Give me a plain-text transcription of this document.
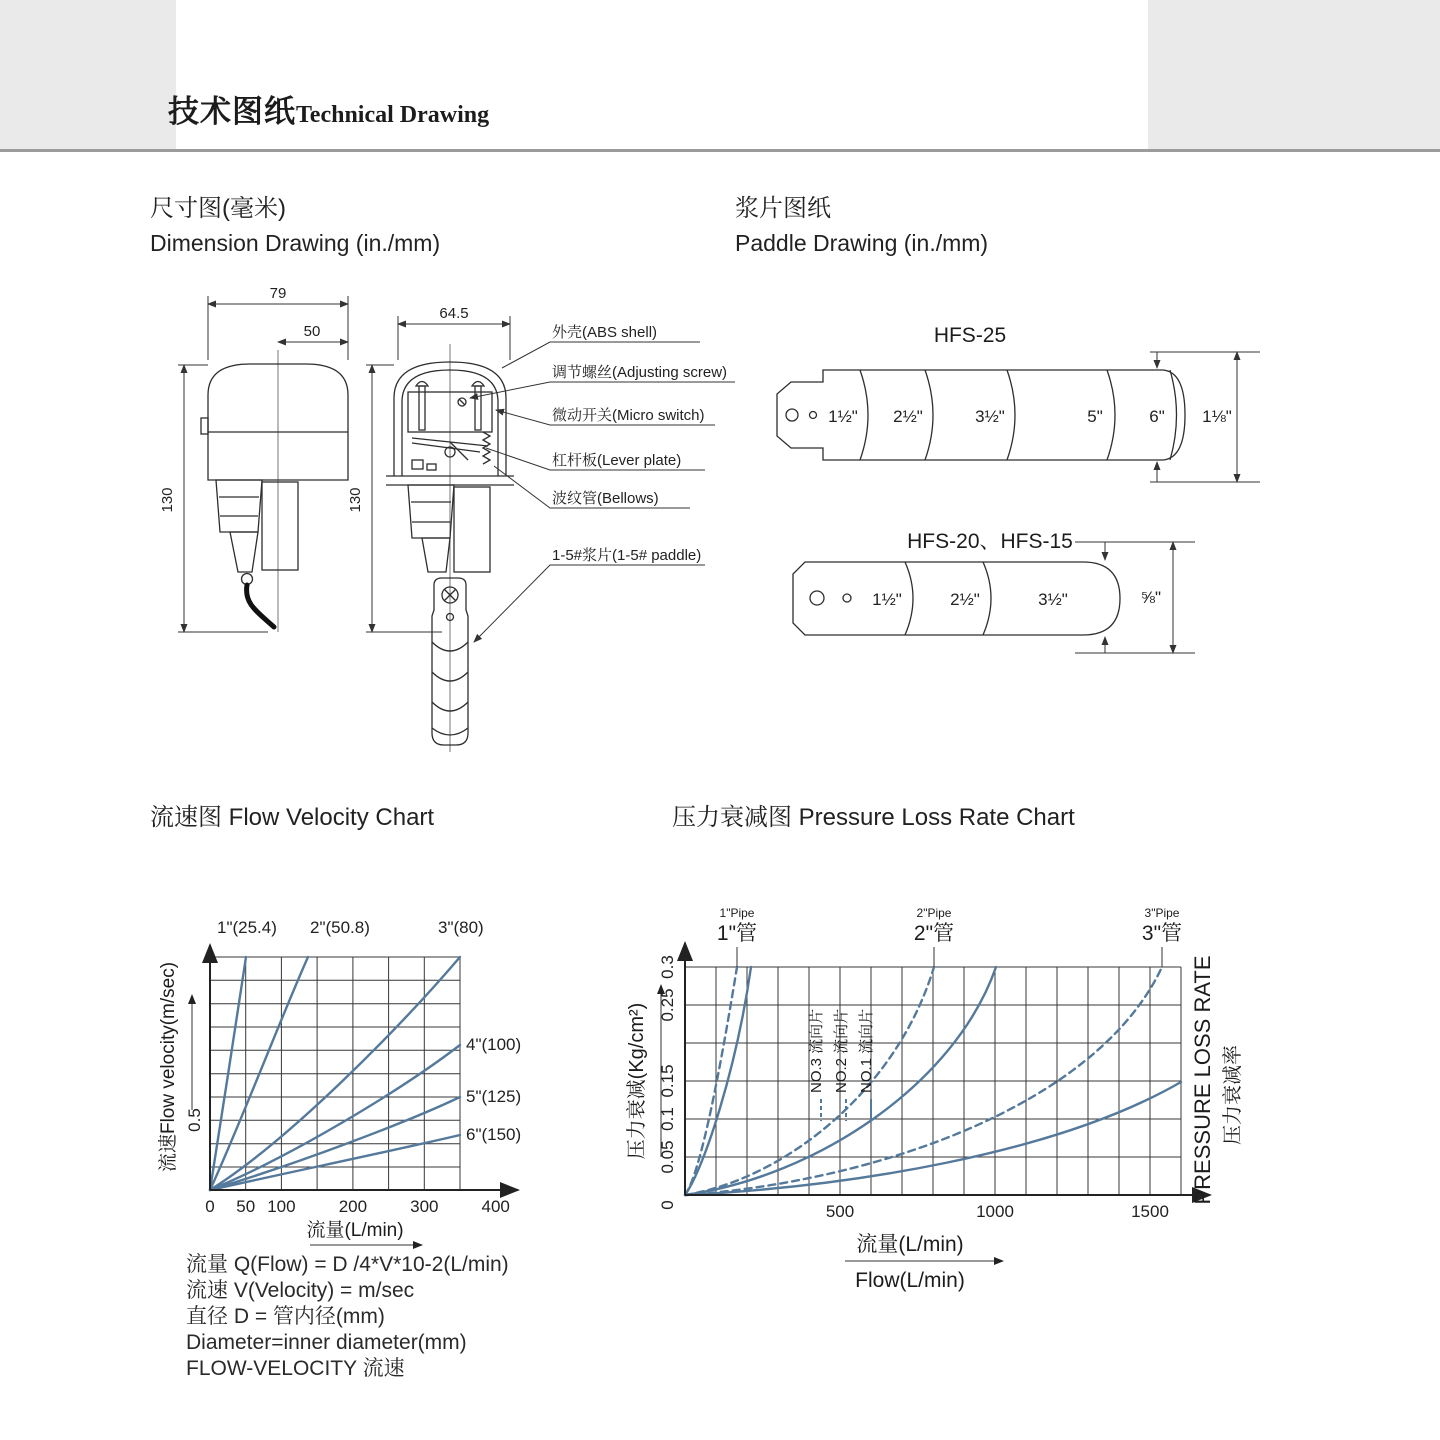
技术图纸Technical Drawing
尺寸图(毫米)
Dimension Drawing (in./mm)
浆片图纸
Paddle Drawing (in./mm)
79
50
130
64.5
130
外壳(ABS shell)
调节螺丝(Adjusting screw)
微动开关(Micro switch)
杠杆板(Lever plate)
波纹管(Bellows)
1-5#浆片(1-5# paddle)
HFS-25
1½" 2½"	3½"	5"	6" 1⅛"
HFS-20、HFS-15
1½"	2½"	3½"	⅝"
流速图 Flow Velocity Chart	压力衰减图 Pressure Loss Rate Chart
1"(25.4) 2"(50.8)	3"(80)
4"(100)
5"(125)
6"(150)
流速Flow velocity(m/sec) 0.5
0 50 100	200	300	400
流量(L/min)
1"Pipe
1"管
2"Pipe
2"管
3"Pipe
3"管
NO.3 流向片 NO.2 流向片 NO.1 流向片
0
0.05
0.1
0.15
0.25
0.3
压力衰减(Kg/cm²)
500	1000	1500
PRESSURE LOSS RATE 压力衰减率
流量(L/min)
Flow(L/min)
流量 Q(Flow) = D /4*V*10-2(L/min)
流速 V(Velocity) = m/sec
直径 D = 管内径(mm)
Diameter=inner diameter(mm)
FLOW-VELOCITY 流速
